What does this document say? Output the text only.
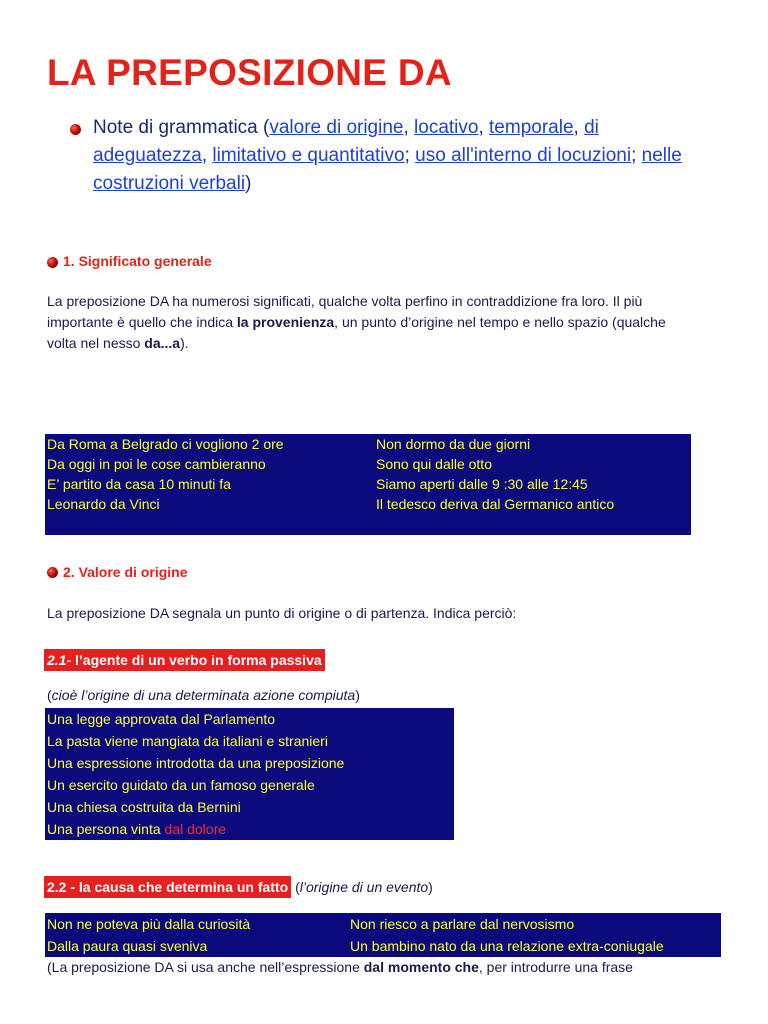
LA PREPOSIZIONE DA
Note di grammatica (valore di origine, locativo, temporale, di adeguatezza, limitativo e quantitativo; uso all'interno di locuzioni; nelle costruzioni verbali)
1. Significato generale
La preposizione DA ha numerosi significati, qualche volta perfino in contraddizione fra loro. Il più importante è quello che indica la provenienza, un punto d’origine nel tempo e nello spazio (qualche volta nel nesso da...a).
Da Roma a Belgrado ci vogliono 2 ore
Da oggi in poi le cose cambieranno
E’ partito da casa 10 minuti fa
Leonardo da Vinci
Non dormo da due giorni
Sono qui dalle otto
Siamo aperti dalle 9 :30 alle 12:45
Il tedesco deriva dal Germanico antico
2. Valore di origine
La preposizione DA segnala un punto di origine o di partenza. Indica perciò:
2.1- l’agente di un verbo in forma passiva
(cioè l’origine di una determinata azione compiuta)
Una legge approvata dal Parlamento
La pasta viene mangiata da italiani e stranieri
Una espressione introdotta da una preposizione
Un esercito guidato da un famoso generale
Una chiesa costruita da Bernini
Una persona vinta dal dolore
2.2 - la causa che determina un fatto (l’origine di un evento)
Non ne poteva più dalla curiosità
Dalla paura quasi sveniva
Non riesco a parlare dal nervosismo
Un bambino nato da una relazione extra-coniugale
(La preposizione DA si usa anche nell’espressione dal momento che, per introdurre una frase
